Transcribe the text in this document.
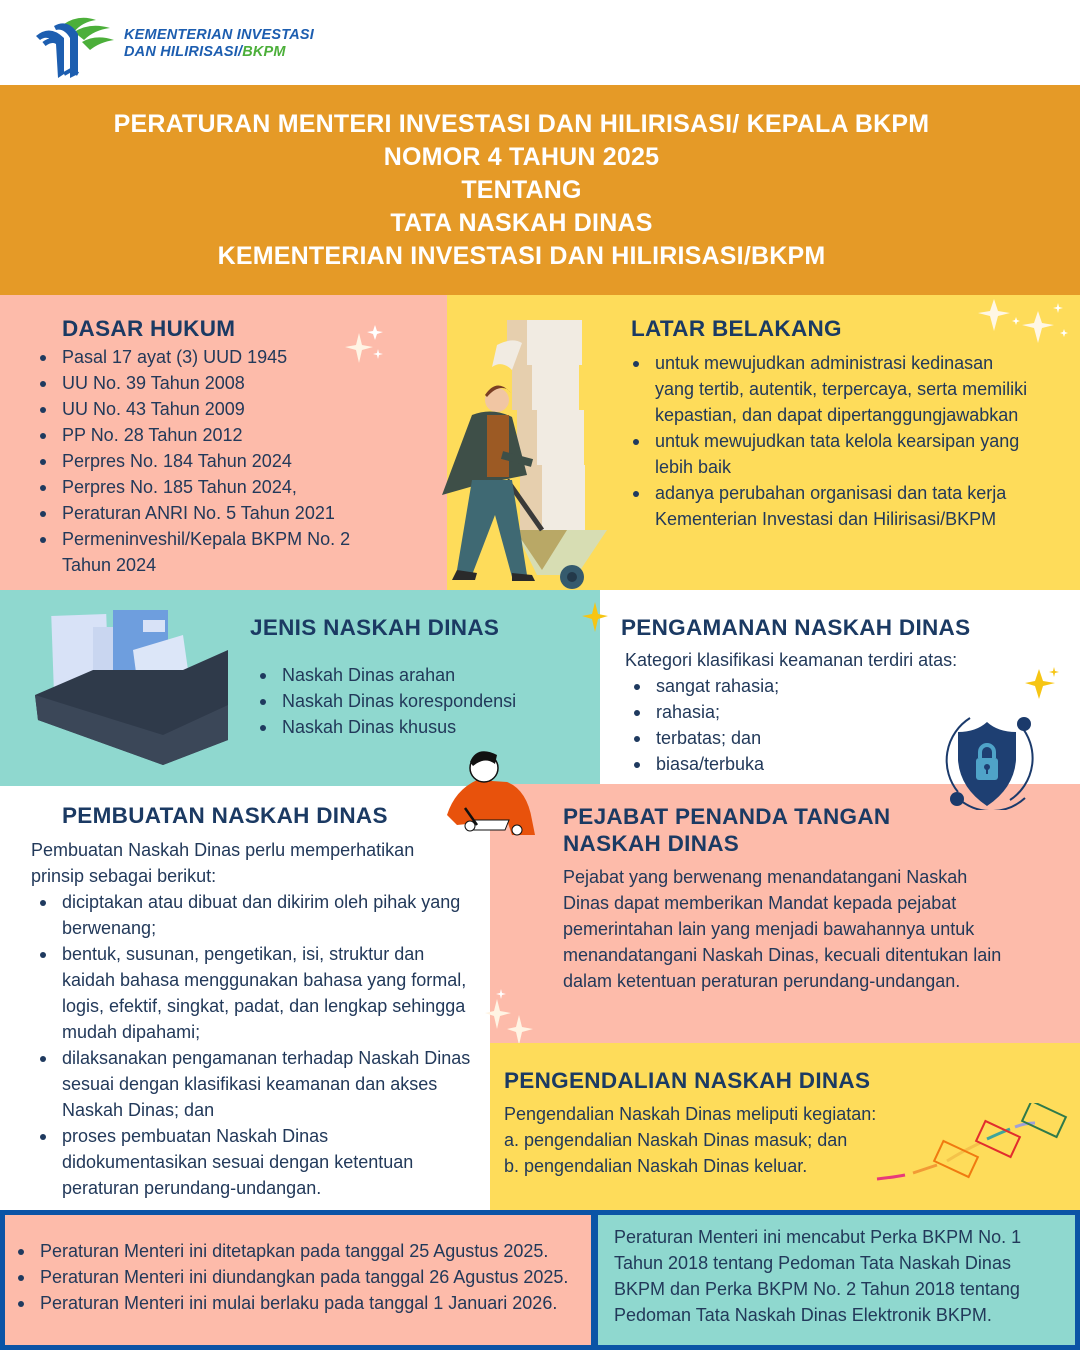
KEMENTERIAN INVESTASI
DAN HILIRISASI/BKPM
PERATURAN MENTERI INVESTASI DAN HILIRISASI/ KEPALA BKPM
NOMOR 4 TAHUN 2025
TENTANG
TATA NASKAH DINAS
KEMENTERIAN INVESTASI DAN HILIRISASI/BKPM
DASAR HUKUM
Pasal 17 ayat (3) UUD 1945
UU No. 39 Tahun 2008
UU No. 43 Tahun 2009
PP No. 28 Tahun 2012
Perpres No. 184 Tahun 2024
Perpres No. 185 Tahun 2024,
Peraturan ANRI No. 5 Tahun 2021
Permeninveshil/Kepala BKPM No. 2 Tahun 2024
LATAR BELAKANG
untuk mewujudkan administrasi kedinasan yang tertib, autentik, terpercaya, serta memiliki kepastian, dan dapat dipertanggungjawabkan
untuk mewujudkan tata kelola kearsipan yang lebih baik
adanya perubahan organisasi dan tata kerja Kementerian Investasi dan Hilirisasi/BKPM
JENIS NASKAH DINAS
Naskah Dinas arahan
Naskah Dinas korespondensi
Naskah Dinas khusus
PENGAMANAN NASKAH DINAS
Kategori klasifikasi keamanan terdiri atas:
sangat rahasia;
rahasia;
terbatas; dan
biasa/terbuka
PEMBUATAN NASKAH DINAS
Pembuatan Naskah Dinas perlu memperhatikan prinsip sebagai berikut:
diciptakan atau dibuat dan dikirim oleh pihak yang berwenang;
bentuk, susunan, pengetikan, isi, struktur dan kaidah bahasa menggunakan bahasa yang formal, logis, efektif, singkat, padat, dan lengkap sehingga mudah dipahami;
dilaksanakan pengamanan terhadap Naskah Dinas sesuai dengan klasifikasi keamanan dan akses Naskah Dinas; dan
proses pembuatan Naskah Dinas didokumentasikan sesuai dengan ketentuan peraturan perundang-undangan.
PEJABAT PENANDA TANGAN NASKAH DINAS
Pejabat yang berwenang menandatangani Naskah Dinas dapat memberikan Mandat kepada pejabat pemerintahan lain yang menjadi bawahannya untuk menandatangani Naskah Dinas, kecuali ditentukan lain dalam ketentuan peraturan perundang-undangan.
PENGENDALIAN NASKAH DINAS
Pengendalian Naskah Dinas meliputi kegiatan:
a. pengendalian Naskah Dinas masuk; dan
b. pengendalian Naskah Dinas keluar.
Peraturan Menteri ini ditetapkan pada tanggal 25 Agustus 2025.
Peraturan Menteri ini diundangkan pada tanggal 26 Agustus 2025.
Peraturan Menteri ini mulai berlaku pada tanggal 1 Januari 2026.
Peraturan Menteri ini mencabut Perka BKPM No. 1 Tahun 2018 tentang Pedoman Tata Naskah Dinas BKPM dan Perka BKPM No. 2 Tahun 2018 tentang Pedoman Tata Naskah Dinas Elektronik BKPM.
